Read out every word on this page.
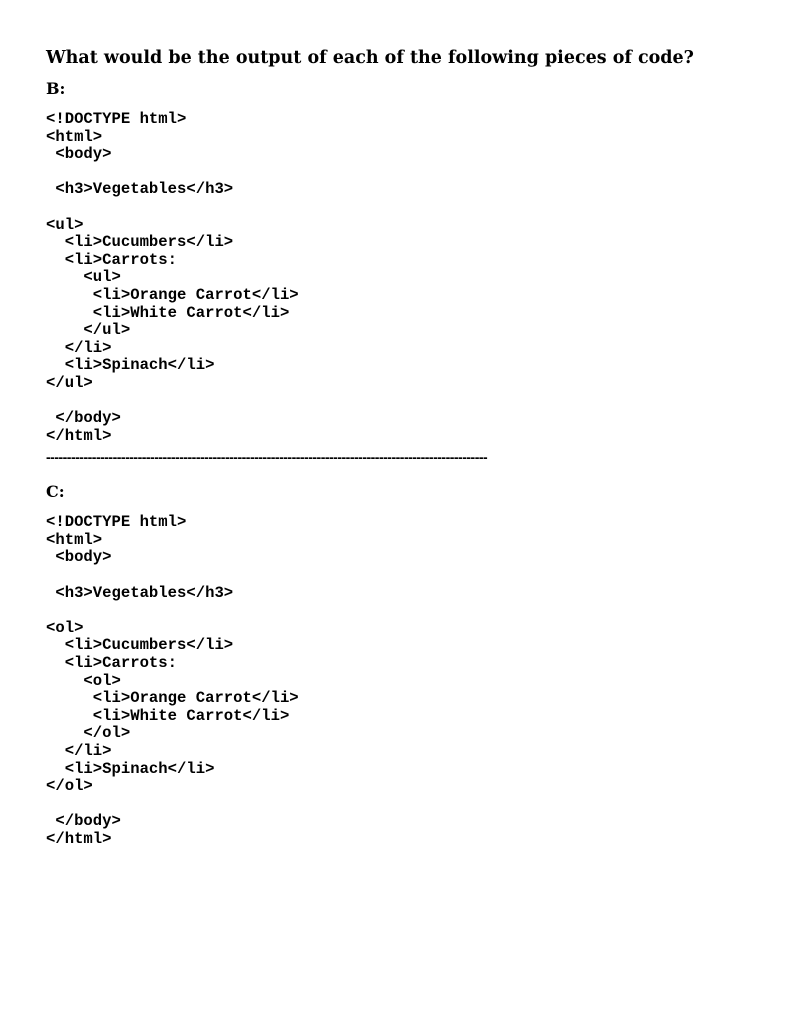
What would be the output of each of the following pieces of code?

B:

<!DOCTYPE html>
<html>
<body>

<h3>Vegetables</h3>

<ul>
<li>Cucumbers</li>
<li>Carrots:
<ul>
<li>Orange Carrot</li>
<li>White Carrot</li>
</ul>
</li>
<li>Spinach</li>
</ul>

</body>
</html>
----------------------------------------------------------------------------------------------------------

C:

<!DOCTYPE html>
<html>
<body>

<h3>Vegetables</h3>

<ol>
<li>Cucumbers</li>
<li>Carrots:
<ol>
<li>Orange Carrot</li>
<li>White Carrot</li>
</ol>
</li>
<li>Spinach</li>
</ol>

</body>
</html>
